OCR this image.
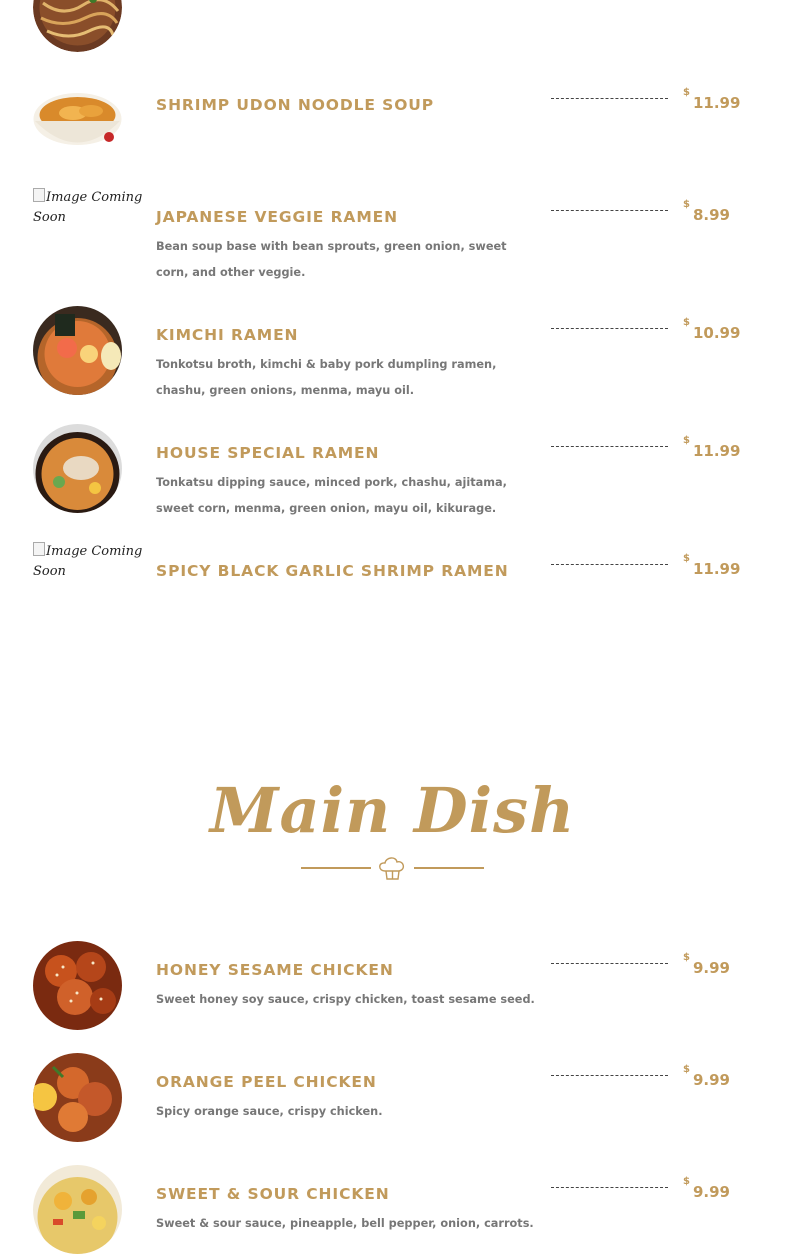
SHRIMP UDON NOODLE SOUP
$11.99
Image Coming Soon	JAPANESE VEGGIE RAMEN

Bean soup base with bean sprouts, green onion, sweet corn, and other veggie.

$8.99
KIMCHI RAMEN

Tonkotsu broth, kimchi & baby pork dumpling ramen, chashu, green onions, menma, mayu oil.

$10.99
HOUSE SPECIAL RAMEN

Tonkatsu dipping sauce, minced pork, chashu, ajitama, sweet corn, menma, green onion, mayu oil, kikurage.

$11.99
Image Coming Soon	SPICY BLACK GARLIC SHRIMP RAMEN
$11.99
Main Dish
HONEY SESAME CHICKEN

Sweet honey soy sauce, crispy chicken, toast sesame seed.

$9.99
ORANGE PEEL CHICKEN

Spicy orange sauce, crispy chicken.

$9.99
SWEET & SOUR CHICKEN

Sweet & sour sauce, pineapple, bell pepper, onion, carrots.

$9.99
